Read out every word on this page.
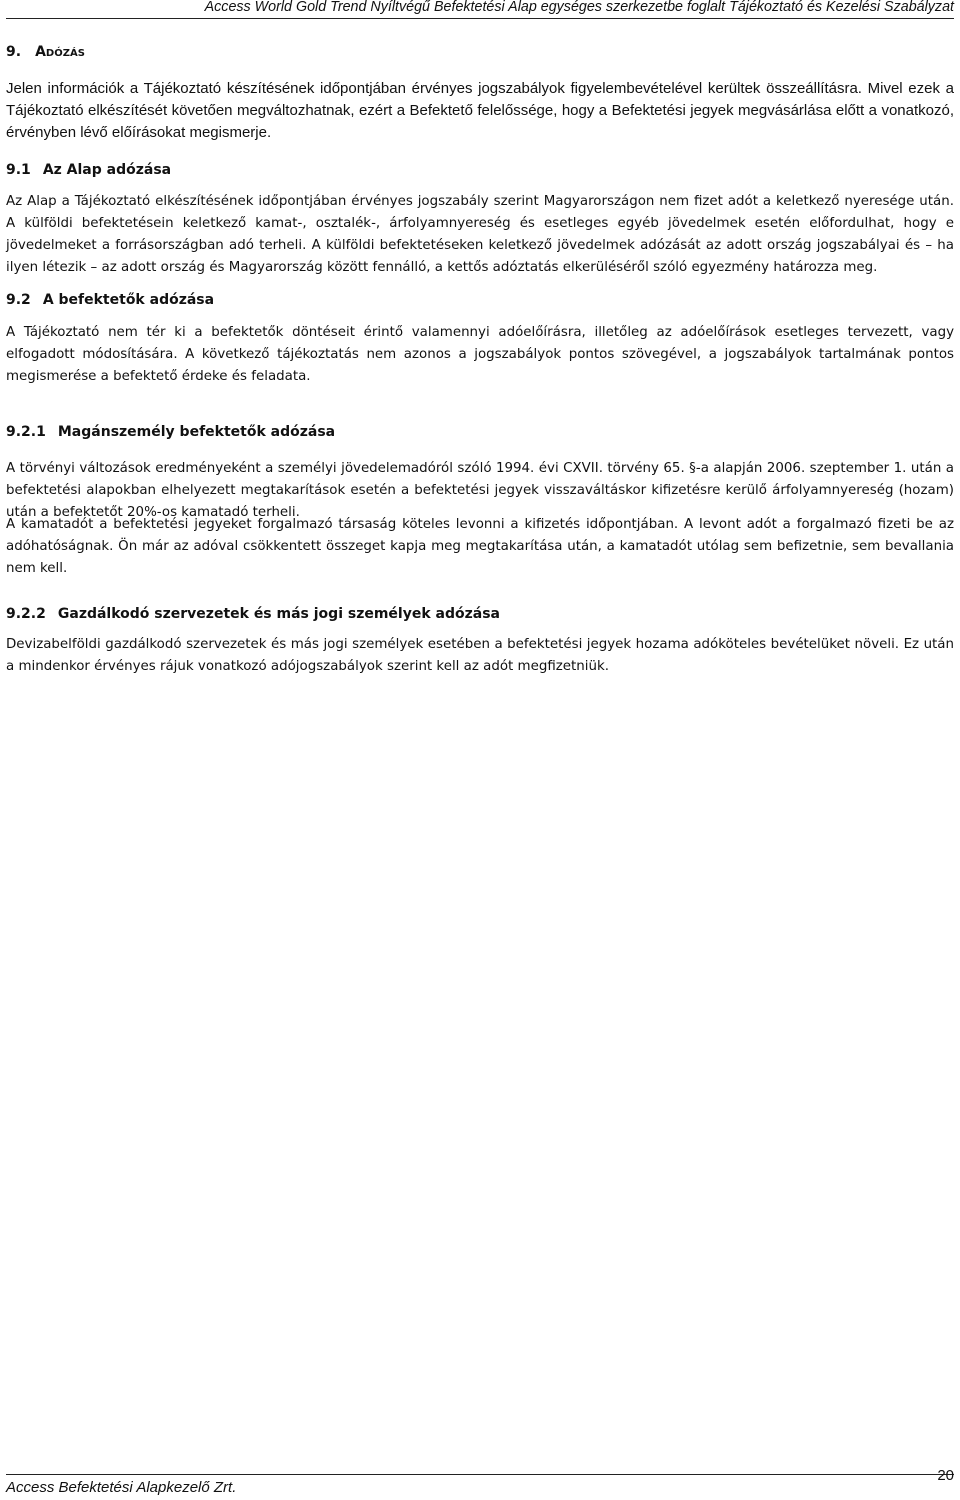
Access World Gold Trend Nyíltvégű Befektetési Alap egységes szerkezetbe foglalt Tájékoztató és Kezelési Szabályzat
9. Adózás

Jelen információk a Tájékoztató készítésének időpontjában érvényes jogszabályok figyelembevételével kerültek összeállításra. Mivel ezek a Tájékoztató elkészítését követően megváltozhatnak, ezért a Befektető felelőssége, hogy a Befektetési jegyek megvásárlása előtt a vonatkozó, érvényben lévő előírásokat megismerje.

9.1 Az Alap adózása

Az Alap a Tájékoztató elkészítésének időpontjában érvényes jogszabály szerint Magyarországon nem fizet adót a keletkező nyeresége után. A külföldi befektetésein keletkező kamat-, osztalék-, árfolyamnyereség és esetleges egyéb jövedelmek esetén előfordulhat, hogy e jövedelmeket a forrásországban adó terheli. A külföldi befektetéseken keletkező jövedelmek adózását az adott ország jogszabályai és – ha ilyen létezik – az adott ország és Magyarország között fennálló, a kettős adóztatás elkerüléséről szóló egyezmény határozza meg.

9.2 A befektetők adózása

A Tájékoztató nem tér ki a befektetők döntéseit érintő valamennyi adóelőírásra, illetőleg az adóelőírások esetleges tervezett, vagy elfogadott módosítására. A következő tájékoztatás nem azonos a jogszabályok pontos szövegével, a jogszabályok tartalmának pontos megismerése a befektető érdeke és feladata.

9.2.1 Magánszemély befektetők adózása

A törvényi változások eredményeként a személyi jövedelemadóról szóló 1994. évi CXVII. törvény 65. §-a alapján 2006. szeptember 1. után a befektetési alapokban elhelyezett megtakarítások esetén a befektetési jegyek visszaváltáskor kifizetésre kerülő árfolyamnyereség (hozam) után a befektetőt 20%-os kamatadó terheli.

A kamatadót a befektetési jegyeket forgalmazó társaság köteles levonni a kifizetés időpontjában. A levont adót a forgalmazó fizeti be az adóhatóságnak. Ön már az adóval csökkentett összeget kapja meg megtakarítása után, a kamatadót utólag sem befizetnie, sem bevallania nem kell.

9.2.2 Gazdálkodó szervezetek és más jogi személyek adózása

Devizabelföldi gazdálkodó szervezetek és más jogi személyek esetében a befektetési jegyek hozama adóköteles bevételüket növeli. Ez után a mindenkor érvényes rájuk vonatkozó adójogszabályok szerint kell az adót megfizetniük.

Access Befektetési Alapkezelő Zrt.
20
